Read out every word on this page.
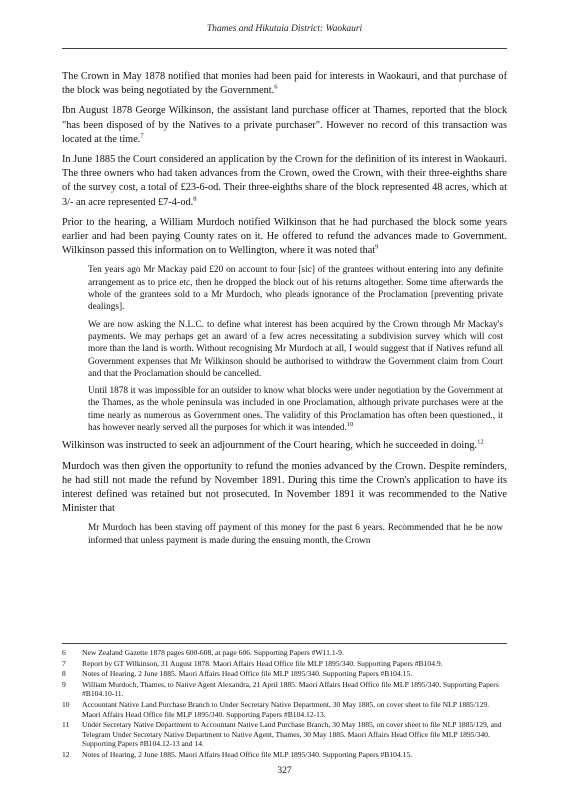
Thames and Hikutaia District: Waokauri

The Crown in May 1878 notified that monies had been paid for interests in Waokauri, and that purchase of the block was being negotiated by the Government.$^6$

Ibn August 1878 George Wilkinson, the assistant land purchase officer at Thames, reported that the block "has been disposed of by the Natives to a private purchaser". However no record of this transaction was located at the time.$^7$

In June 1885 the Court considered an application by the Crown for the definition of its interest in Waokauri. The three owners who had taken advances from the Crown, owed the Crown, with their three-eighths share of the survey cost, a total of £23-6-od. Their three-eighths share of the block represented 48 acres, which at 3/- an acre represented £7-4-od.$^8$

Prior to the hearing, a William Murdoch notified Wilkinson that he had purchased the block some years earlier and had been paying County rates on it. He offered to refund the advances made to Government. Wilkinson passed this information on to Wellington, where it was noted that$^9$

Ten years ago Mr Mackay paid £20 on account to four [sic] of the grantees without entering into any definite arrangement as to price etc, then he dropped the block out of his returns altogether. Some time afterwards the whole of the grantees sold to a Mr Murdoch, who pleads ignorance of the Proclamation [preventing private dealings].

We are now asking the N.L.C. to define what interest has been acquired by the Crown through Mr Mackay's payments. We may perhaps get an award of a few acres necessitating a subdivision survey which will cost more than the land is worth. Without recognising Mr Murdoch at all, I would suggest that if Natives refund all Government expenses that Mr Wilkinson should be authorised to withdraw the Government claim from Court and that the Proclamation should be cancelled.

Until 1878 it was impossible for an outsider to know what blocks were under negotiation by the Government at the Thames, as the whole peninsula was included in one Proclamation, although private purchases were at the time nearly as numerous as Government ones. The validity of this Proclamation has often been questioned., it has however nearly served all the purposes for which it was intended.$^{10}$

Wilkinson was instructed to seek an adjournment of the Court hearing, which he succeeded in doing.$^{12}$

Murdoch was then given the opportunity to refund the monies advanced by the Crown. Despite reminders, he had still not made the refund by November 1891. During this time the Crown's application to have its interest defined was retained but not prosecuted. In November 1891 it was recommended to the Native Minister that

Mr Murdoch has been staving off payment of this money for the past 6 years. Recommended that he be now informed that unless payment is made during the ensuing month, the Crown

6	New Zealand Gazette 1878 pages 600-608, at page 606. Supporting Papers #W11.1-9.
7	Report by GT Wilkinson, 31 August 1878. Maori Affairs Head Office file MLP 1895/340. Supporting Papers #B104.9.
8	Notes of Hearing, 2 June 1885. Maori Affairs Head Office file MLP 1895/340. Supporting Papers #B104.15.
9	William Murdoch, Thames, to Native Agent Alexandra, 21 April 1885. Maori Affairs Head Office file MLP 1895/340. Supporting Papers #B104.10-11.
10	Accountant Native Land Purchase Branch to Under Secretary Native Department, 30 May 1885, on cover sheet to file NLP 1885/129. Maori Affairs Head Office file MLP 1895/340. Supporting Papers #B104.12-13.
11	Under Secretary Native Department to Accountant Native Land Purchase Branch, 30 May 1885, on cover sheet to file NLP 1885/129, and Telegram Under Secretary Native Department to Native Agent, Thames, 30 May 1885. Maori Affairs Head Office file MLP 1895/340. Supporting Papers #B104.12-13 and 14.
12	Notes of Hearing, 2 June 1885. Maori Affairs Head Office file MLP 1895/340. Supporting Papers #B104.15.
327
